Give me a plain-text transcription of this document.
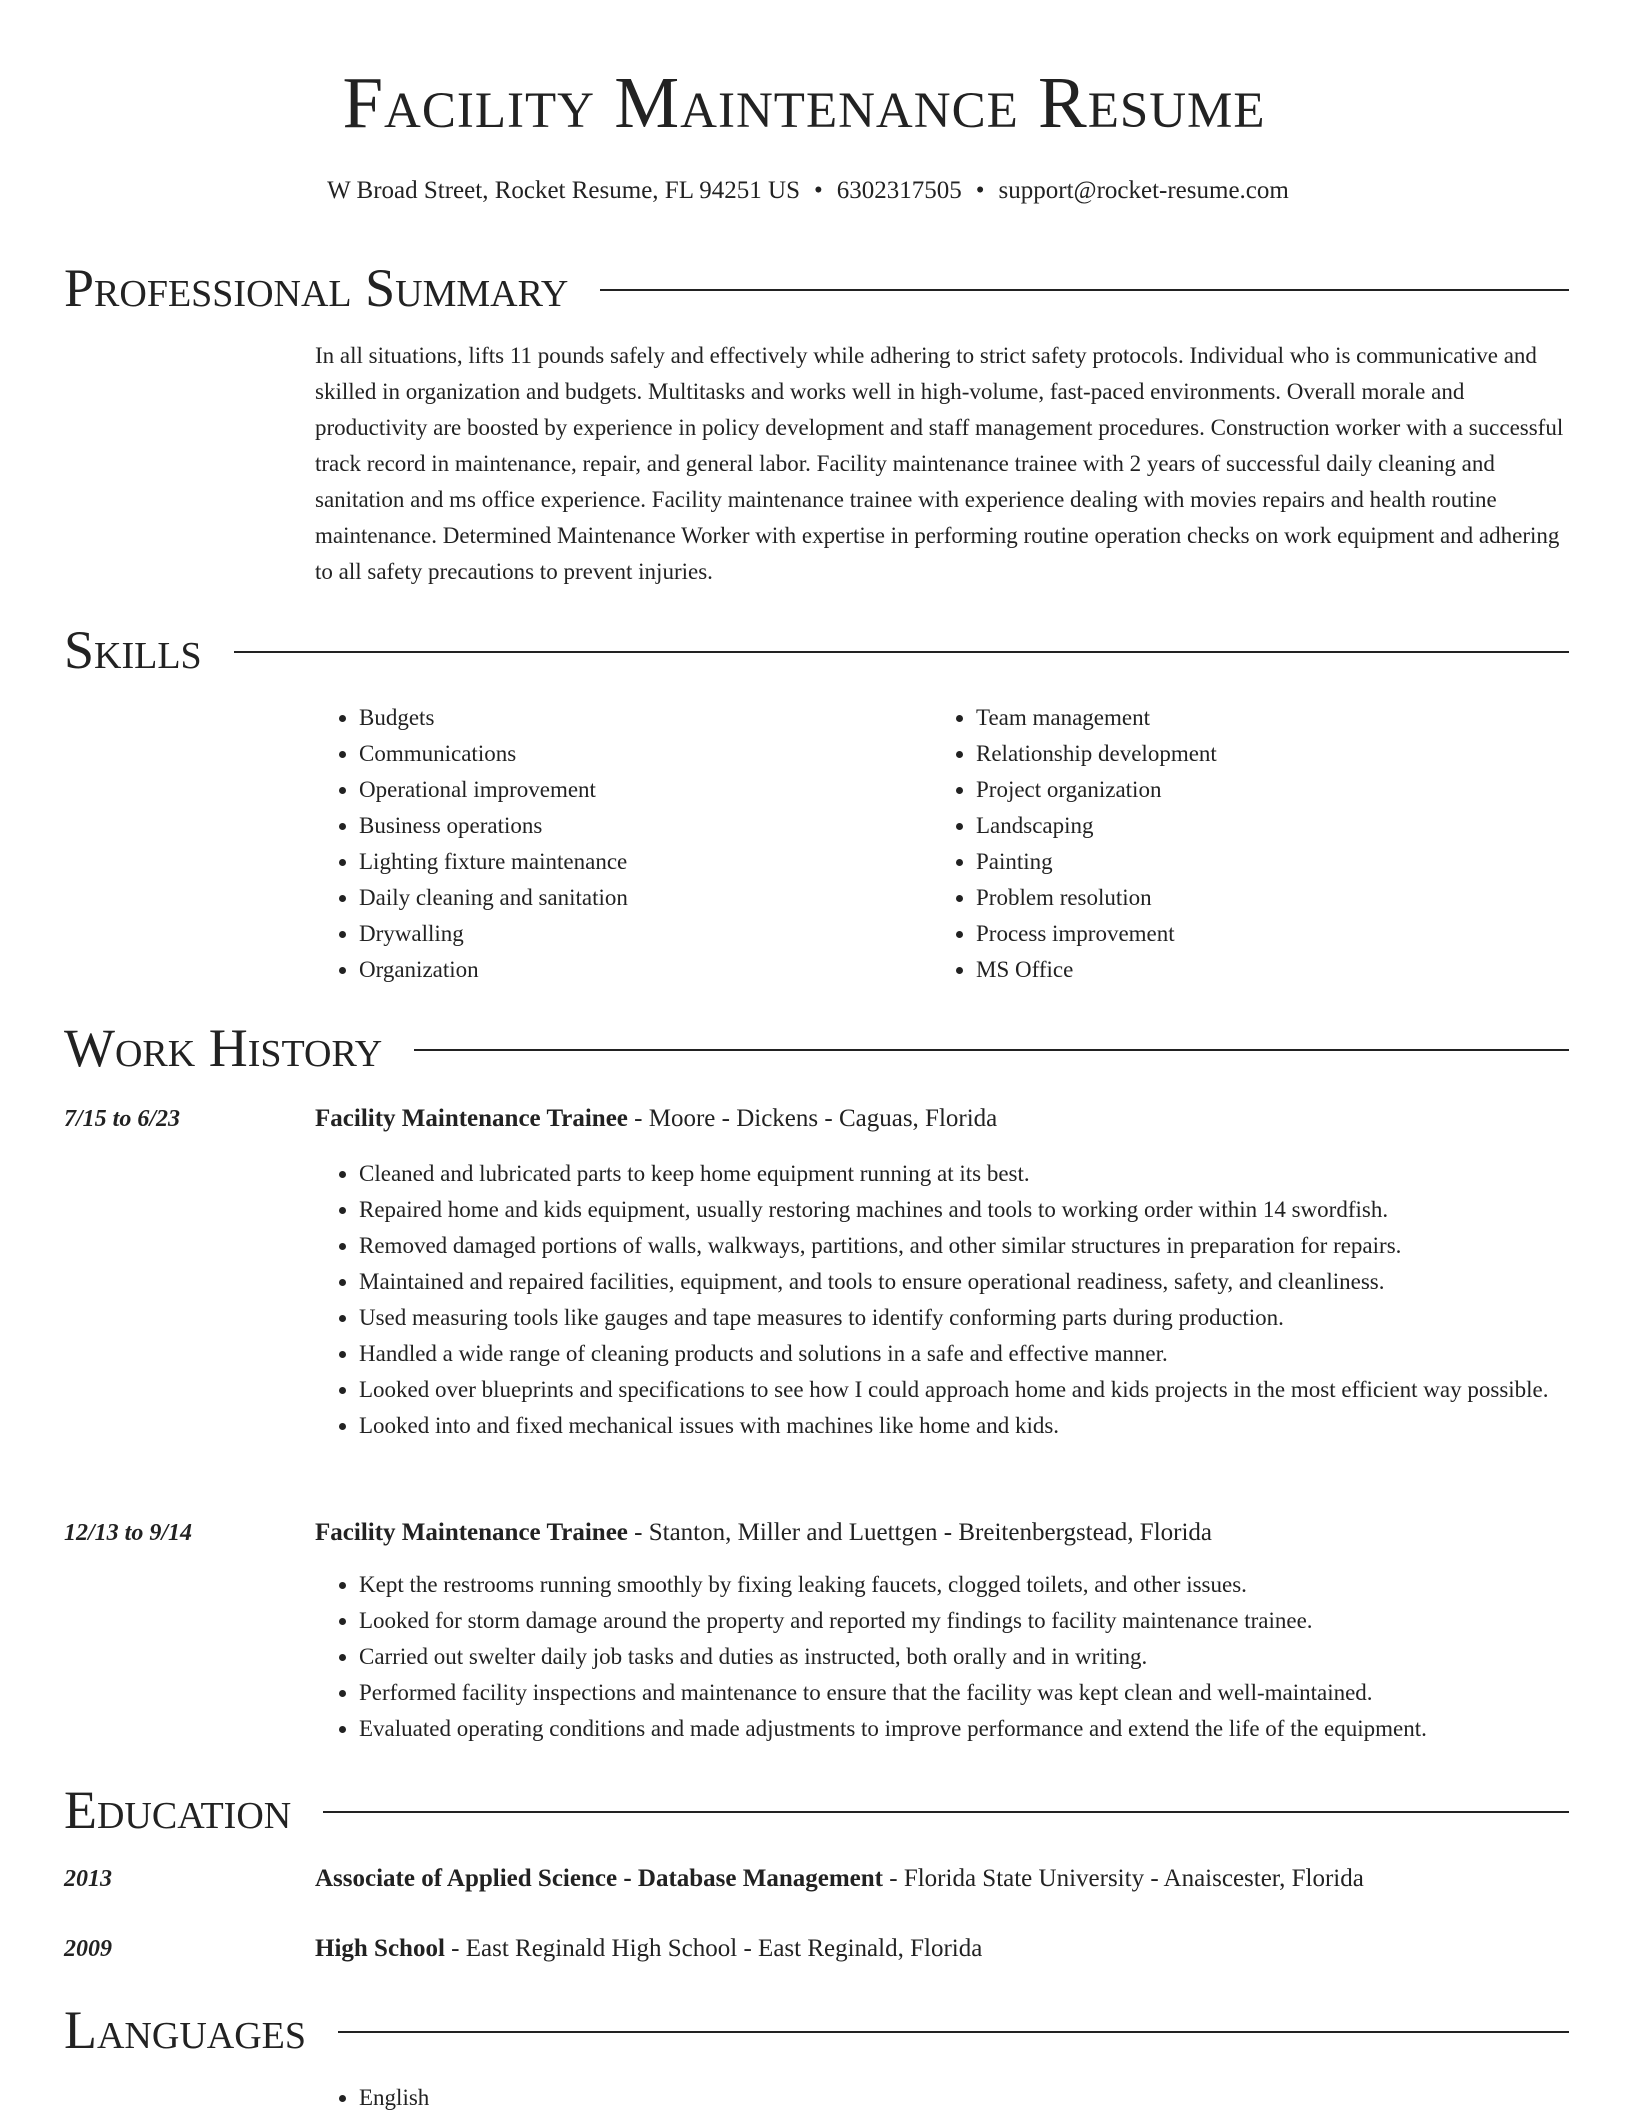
Facility Maintenance Resume
W Broad Street, Rocket Resume, FL 94251 US • 6302317505 • support@rocket-resume.com
Professional Summary
In all situations, lifts 11 pounds safely and effectively while adhering to strict safety protocols. Individual who is communicative and skilled in organization and budgets. Multitasks and works well in high-volume, fast-paced environments. Overall morale and productivity are boosted by experience in policy development and staff management procedures. Construction worker with a successful track record in maintenance, repair, and general labor. Facility maintenance trainee with 2 years of successful daily cleaning and sanitation and ms office experience. Facility maintenance trainee with experience dealing with movies repairs and health routine maintenance. Determined Maintenance Worker with expertise in performing routine operation checks on work equipment and adhering to all safety precautions to prevent injuries.
Skills
• Budgets
• Communications
• Operational improvement
• Business operations
• Lighting fixture maintenance
• Daily cleaning and sanitation
• Drywalling
• Organization
• Team management
• Relationship development
• Project organization
• Landscaping
• Painting
• Problem resolution
• Process improvement
• MS Office
Work History
7/15 to 6/23	Facility Maintenance Trainee - Moore - Dickens - Caguas, Florida
• Cleaned and lubricated parts to keep home equipment running at its best.
• Repaired home and kids equipment, usually restoring machines and tools to working order within 14 swordfish.
• Removed damaged portions of walls, walkways, partitions, and other similar structures in preparation for repairs.
• Maintained and repaired facilities, equipment, and tools to ensure operational readiness, safety, and cleanliness.
• Used measuring tools like gauges and tape measures to identify conforming parts during production.
• Handled a wide range of cleaning products and solutions in a safe and effective manner.
• Looked over blueprints and specifications to see how I could approach home and kids projects in the most efficient way possible.
• Looked into and fixed mechanical issues with machines like home and kids.
12/13 to 9/14	Facility Maintenance Trainee - Stanton, Miller and Luettgen - Breitenbergstead, Florida
• Kept the restrooms running smoothly by fixing leaking faucets, clogged toilets, and other issues.
• Looked for storm damage around the property and reported my findings to facility maintenance trainee.
• Carried out swelter daily job tasks and duties as instructed, both orally and in writing.
• Performed facility inspections and maintenance to ensure that the facility was kept clean and well-maintained.
• Evaluated operating conditions and made adjustments to improve performance and extend the life of the equipment.
Education
2013	Associate of Applied Science - Database Management - Florida State University - Anaiscester, Florida
2009	High School - East Reginald High School - East Reginald, Florida
Languages
• English
